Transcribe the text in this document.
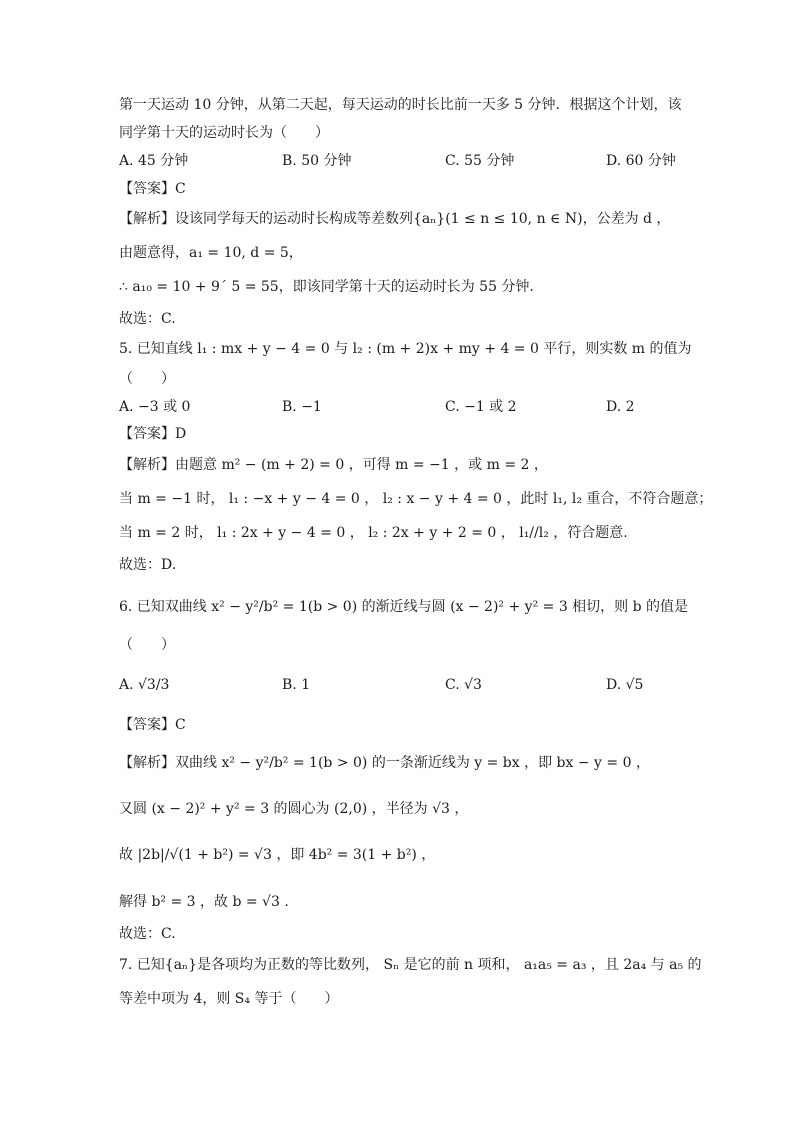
第一天运动 10 分钟，从第二天起，每天运动的时长比前一天多 5 分钟．根据这个计划，该
同学第十天的运动时长为（　　）
A. 45 分钟	B. 50 分钟	C. 55 分钟	D. 60 分钟
【答案】C
【解析】设该同学每天的运动时长构成等差数列{aₙ}(1 ≤ n ≤ 10, n ∈ N)，公差为 d ，
由题意得，a₁ = 10, d = 5，
∴ a₁₀ = 10 + 9´ 5 = 55，即该同学第十天的运动时长为 55 分钟.
故选：C.
5. 已知直线 l₁ : mx + y − 4 = 0 与 l₂ : (m + 2)x + my + 4 = 0 平行，则实数 m 的值为
（　　）
A. −3 或 0	B. −1	C. −1 或 2	D. 2
【答案】D
【解析】由题意 m² − (m + 2) = 0 ，可得 m = −1 ，或 m = 2 ，
当 m = −1 时， l₁ : −x + y − 4 = 0 ， l₂ : x − y + 4 = 0 ，此时 l₁, l₂ 重合，不符合题意；
当 m = 2 时， l₁ : 2x + y − 4 = 0 ， l₂ : 2x + y + 2 = 0 ， l₁//l₂ ，符合题意.
故选：D.
6. 已知双曲线 x² − y²/b² = 1(b > 0) 的渐近线与圆 (x − 2)² + y² = 3 相切，则 b 的值是
（　　）
A. √3/3	B. 1	C. √3	D. √5
【答案】C
【解析】双曲线 x² − y²/b² = 1(b > 0) 的一条渐近线为 y = bx ，即 bx − y = 0 ，
又圆 (x − 2)² + y² = 3 的圆心为 (2,0) ，半径为 √3 ，
故 |2b|/√(1 + b²) = √3 ，即 4b² = 3(1 + b²) ，
解得 b² = 3 ，故 b = √3 .
故选：C.
7. 已知{aₙ}是各项均为正数的等比数列， Sₙ 是它的前 n 项和， a₁a₅ = a₃ ，且 2a₄ 与 a₅ 的
等差中项为 4，则 S₄ 等于（　　）
